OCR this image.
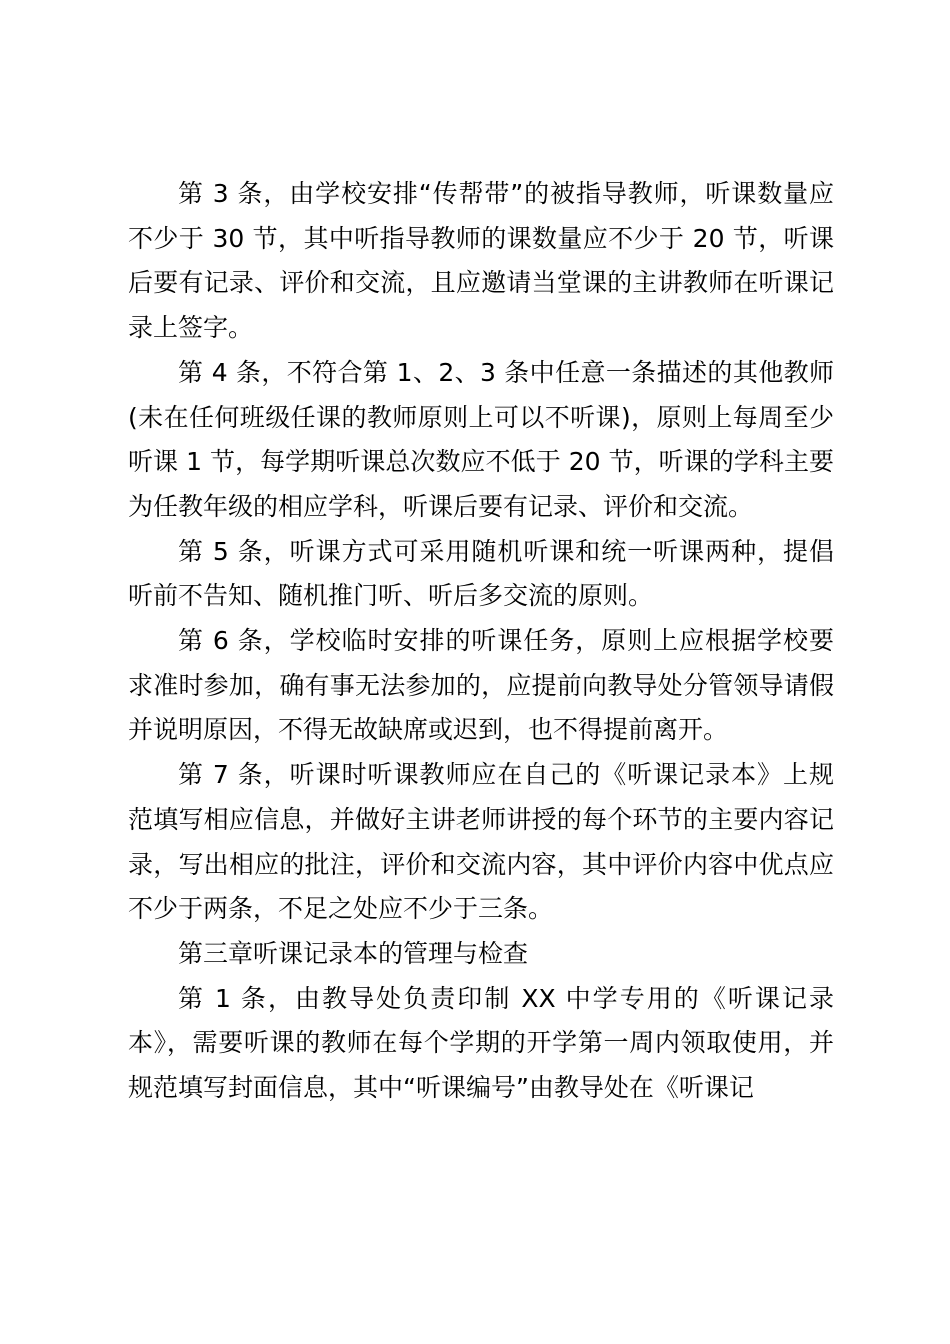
第 3 条，由学校安排“传帮带”的被指导教师，听课数量应不少于 30 节，其中听指导教师的课数量应不少于 20 节，听课后要有记录、评价和交流，且应邀请当堂课的主讲教师在听课记录上签字。

第 4 条，不符合第 1、2、3 条中任意一条描述的其他教师(未在任何班级任课的教师原则上可以不听课)，原则上每周至少听课 1 节，每学期听课总次数应不低于 20 节，听课的学科主要为任教年级的相应学科，听课后要有记录、评价和交流。

第 5 条，听课方式可采用随机听课和统一听课两种，提倡听前不告知、随机推门听、听后多交流的原则。

第 6 条，学校临时安排的听课任务，原则上应根据学校要求准时参加，确有事无法参加的，应提前向教导处分管领导请假并说明原因，不得无故缺席或迟到，也不得提前离开。

第 7 条，听课时听课教师应在自己的《听课记录本》上规范填写相应信息，并做好主讲老师讲授的每个环节的主要内容记录，写出相应的批注，评价和交流内容，其中评价内容中优点应不少于两条，不足之处应不少于三条。

第三章听课记录本的管理与检查

第 1 条，由教导处负责印制 XX 中学专用的《听课记录本》，需要听课的教师在每个学期的开学第一周内领取使用，并规范填写封面信息，其中“听课编号”由教导处在《听课记
